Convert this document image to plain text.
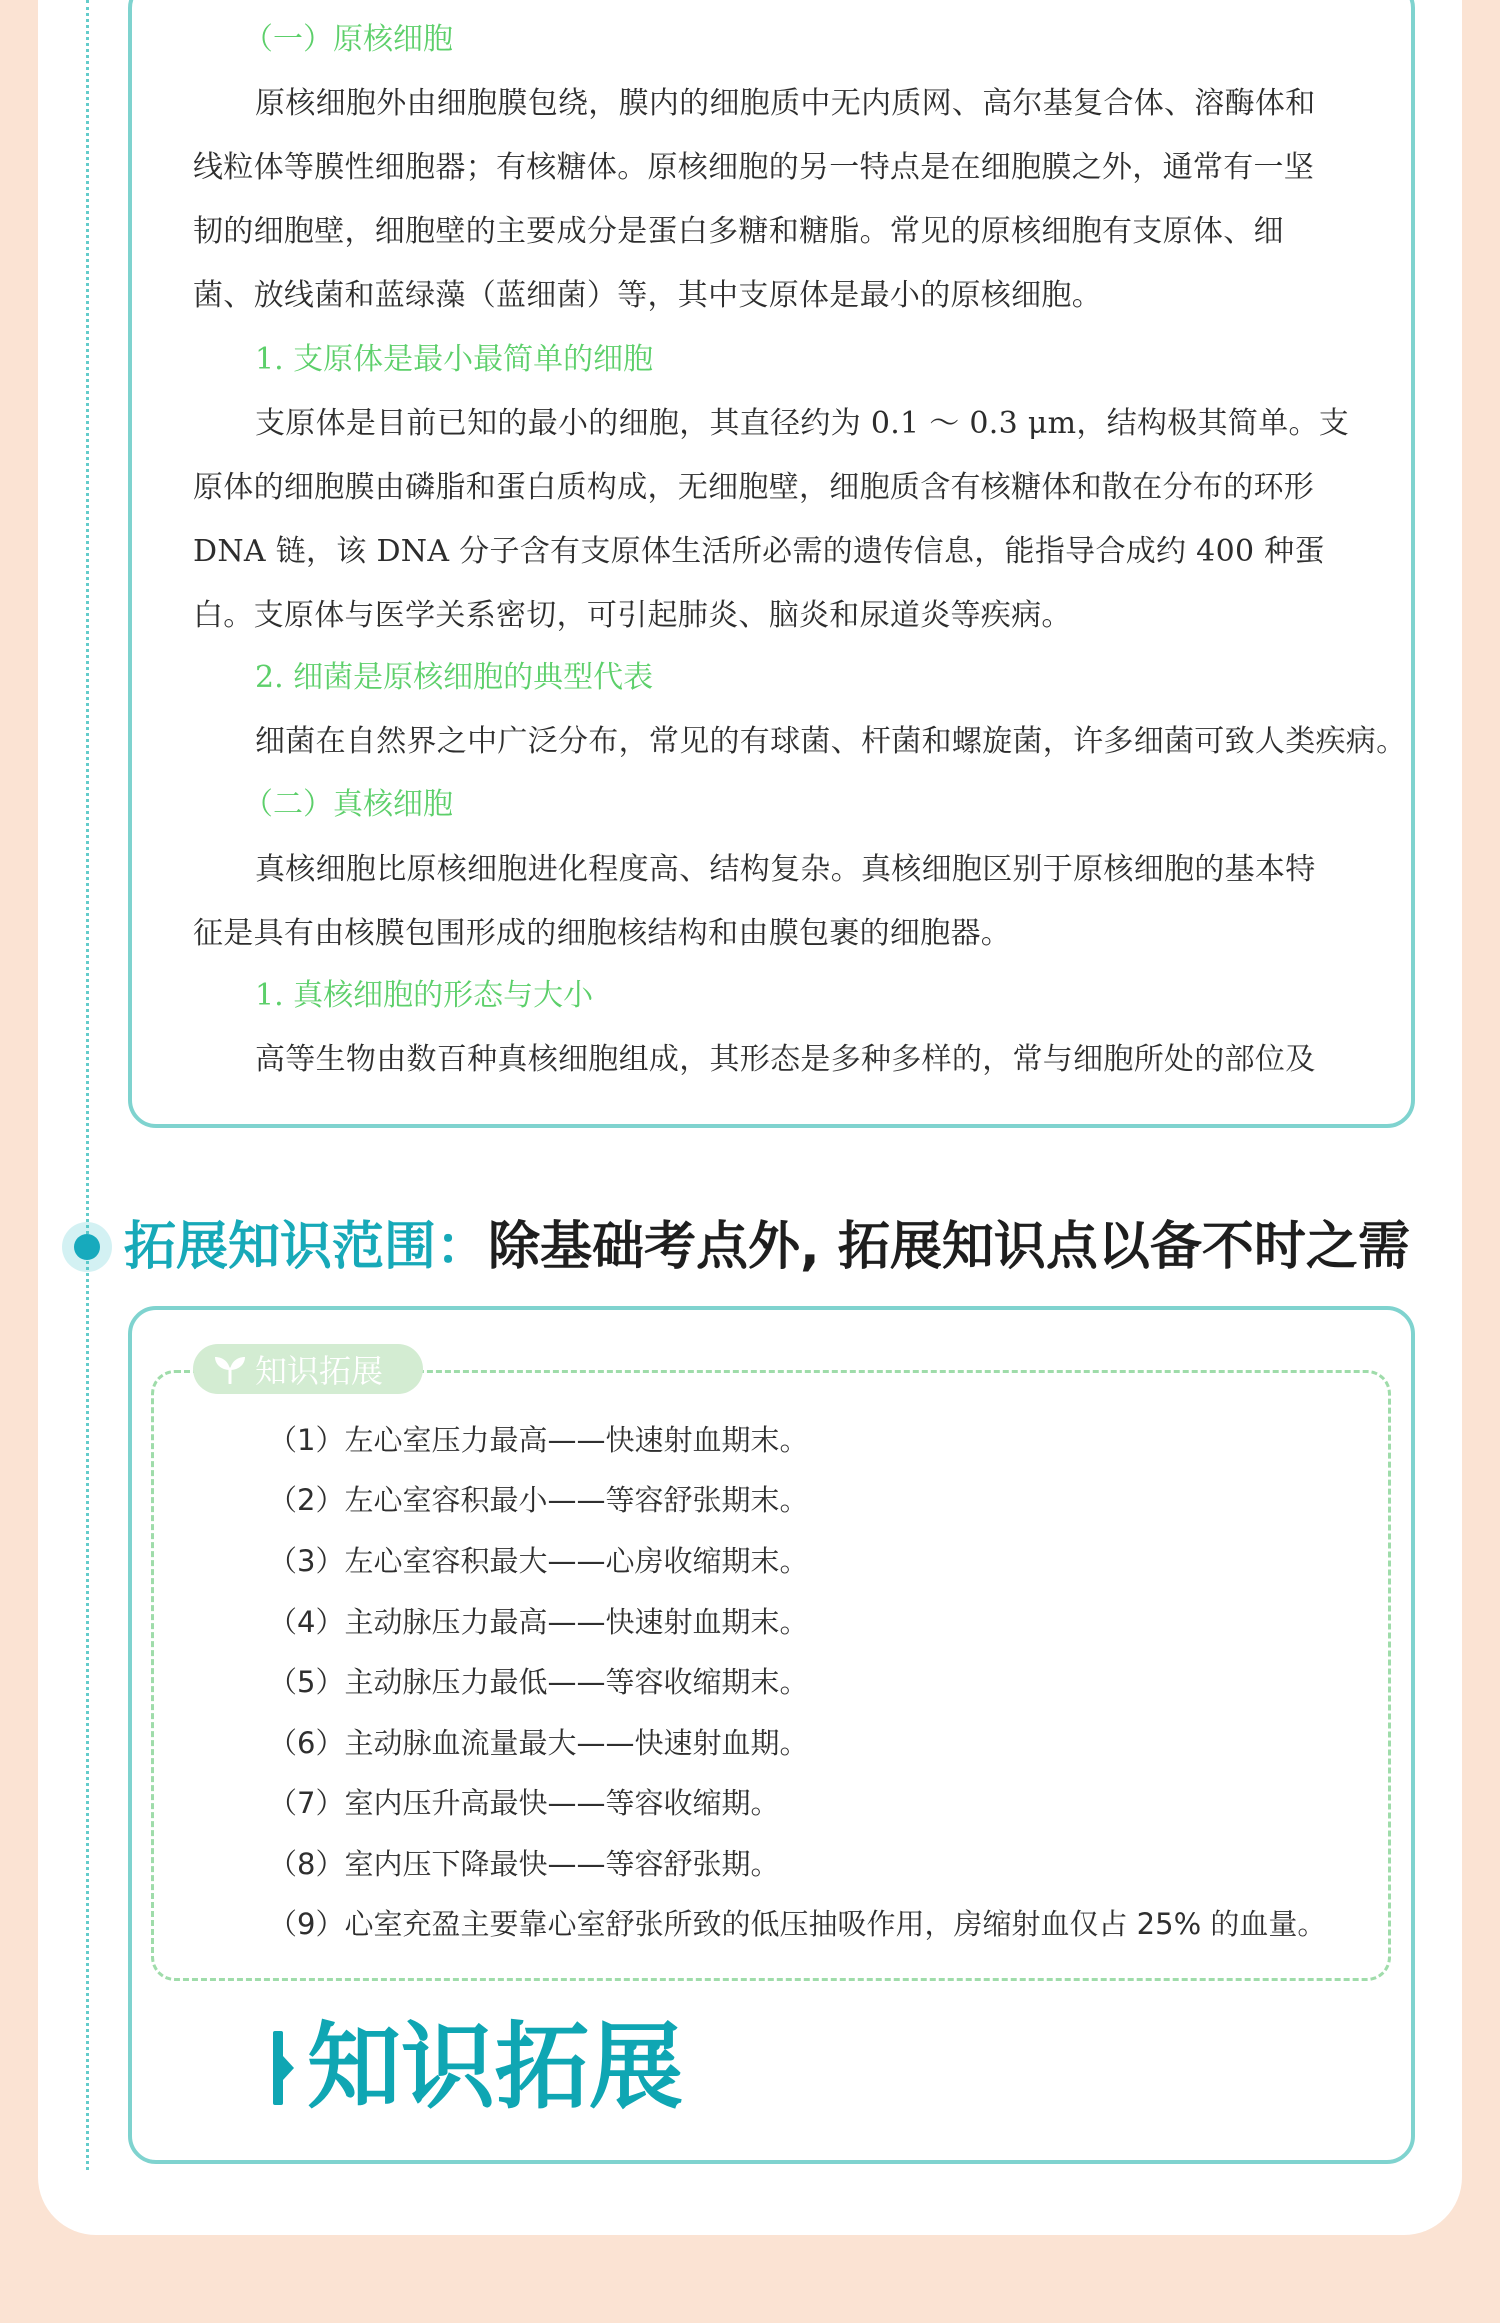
（一）原核细胞
原核细胞外由细胞膜包绕，膜内的细胞质中无内质网、高尔基复合体、溶酶体和
线粒体等膜性细胞器；有核糖体。原核细胞的另一特点是在细胞膜之外，通常有一坚
韧的细胞壁，细胞壁的主要成分是蛋白多糖和糖脂。常见的原核细胞有支原体、细
菌、放线菌和蓝绿藻（蓝细菌）等，其中支原体是最小的原核细胞。
1. 支原体是最小最简单的细胞
支原体是目前已知的最小的细胞，其直径约为 0.1 ～ 0.3 μm，结构极其简单。支
原体的细胞膜由磷脂和蛋白质构成，无细胞壁，细胞质含有核糖体和散在分布的环形
DNA 链，该 DNA 分子含有支原体生活所必需的遗传信息，能指导合成约 400 种蛋
白。支原体与医学关系密切，可引起肺炎、脑炎和尿道炎等疾病。
2. 细菌是原核细胞的典型代表
细菌在自然界之中广泛分布，常见的有球菌、杆菌和螺旋菌，许多细菌可致人类疾病。
（二）真核细胞
真核细胞比原核细胞进化程度高、结构复杂。真核细胞区别于原核细胞的基本特
征是具有由核膜包围形成的细胞核结构和由膜包裹的细胞器。
1. 真核细胞的形态与大小
高等生物由数百种真核细胞组成，其形态是多种多样的，常与细胞所处的部位及
拓展知识范围：除基础考点外, 拓展知识点以备不时之需
知识拓展
（1）左心室压力最高——快速射血期末。
（2）左心室容积最小——等容舒张期末。
（3）左心室容积最大——心房收缩期末。
（4）主动脉压力最高——快速射血期末。
（5）主动脉压力最低——等容收缩期末。
（6）主动脉血流量最大——快速射血期。
（7）室内压升高最快——等容收缩期。
（8）室内压下降最快——等容舒张期。
（9）心室充盈主要靠心室舒张所致的低压抽吸作用，房缩射血仅占 25% 的血量。
知识拓展
